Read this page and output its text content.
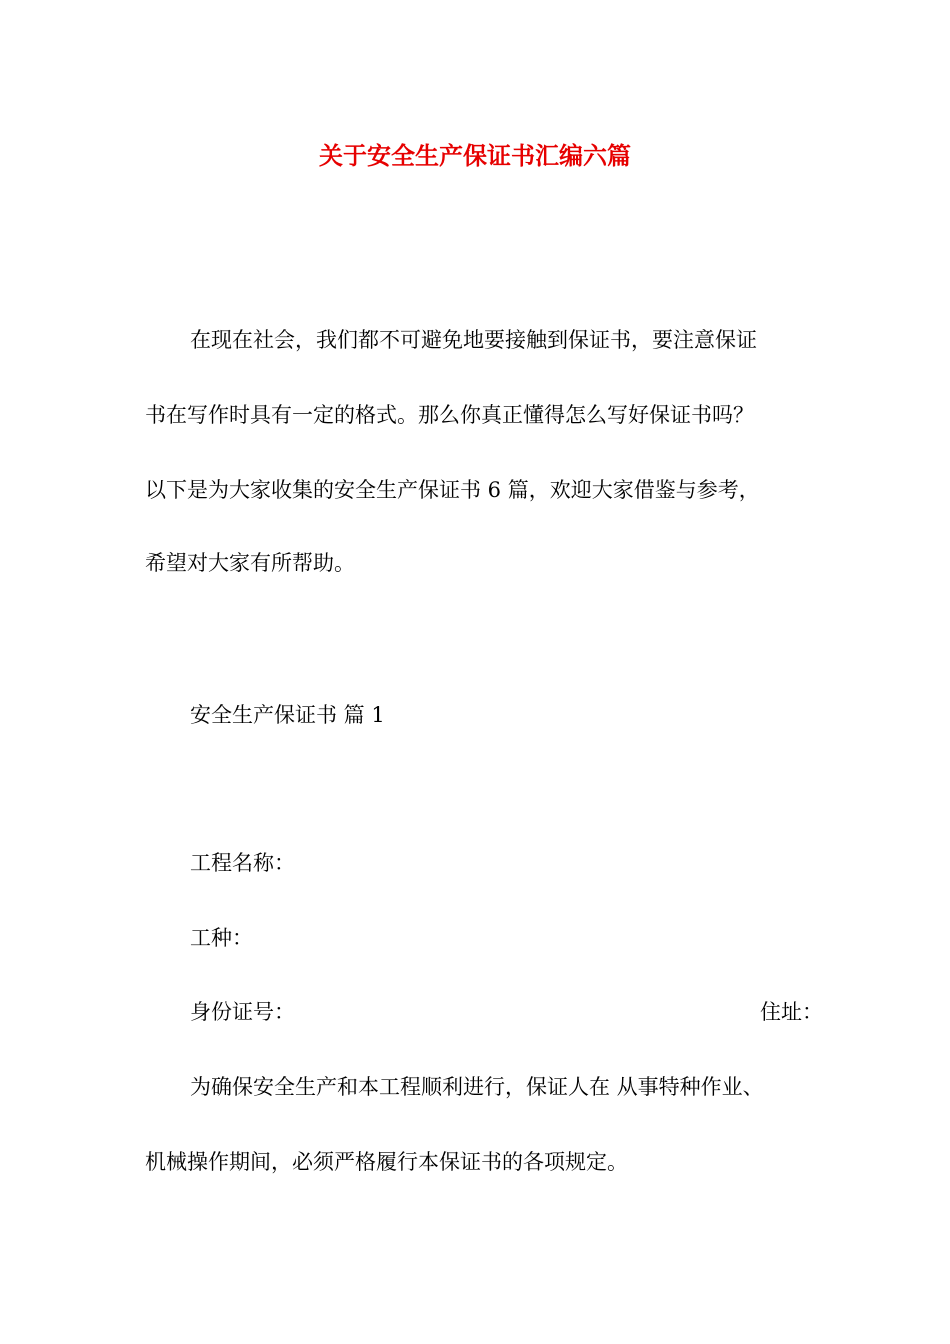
关于安全生产保证书汇编六篇
在现在社会，我们都不可避免地要接触到保证书，要注意保证
书在写作时具有一定的格式。那么你真正懂得怎么写好保证书吗？
以下是为大家收集的安全生产保证书 6 篇，欢迎大家借鉴与参考，
希望对大家有所帮助。
安全生产保证书 篇 1
工程名称：
工种：
身份证号：	住址：
为确保安全生产和本工程顺利进行，保证人在 从事特种作业、
机械操作期间，必须严格履行本保证书的各项规定。
